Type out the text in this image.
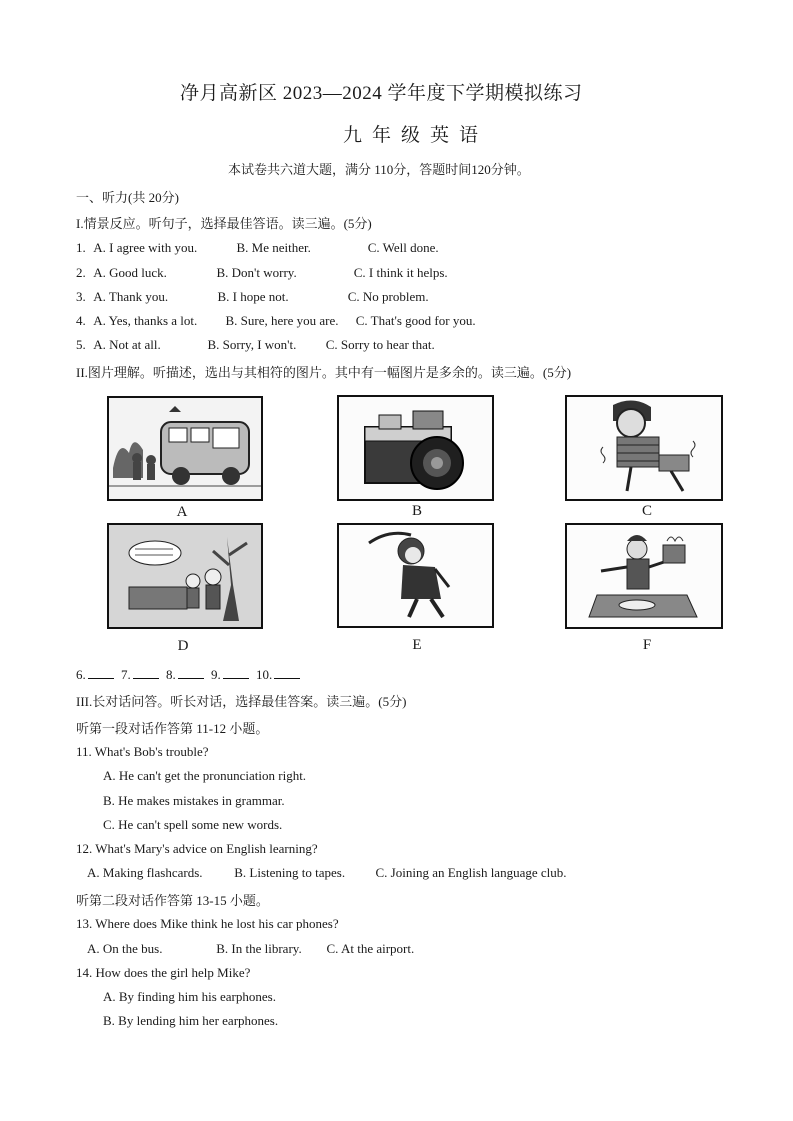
净月高新区 2023—2024 学年度下学期模拟练习
九年级英语
本试卷共六道大题，满分 110分，答题时间120分钟。
一、听力(共 20分)
I.情景反应。听句子，选择最佳答语。读三遍。(5分)
1. A. I agree with you.	B. Me neither.	C. Well done.
2. A. Good luck.	B. Don't worry.	C. I think it helps.
3. A. Thank you.	B. I hope not.	C. No problem.
4. A. Yes, thanks a lot. B. Sure, here you are. C. That's good for you.
5. A. Not at all.	B. Sorry, I won't. C. Sorry to hear that.
II.图片理解。听描述，选出与其相符的图片。其中有一幅图片是多余的。读三遍。(5分)
A	B	C
D	E	F
6.	7.	8.	9.	10.
III.长对话问答。听长对话，选择最佳答案。读三遍。(5分)
听第一段对话作答第 11-12 小题。
11. What's Bob's trouble?
A. He can't get the pronunciation right.
B. He makes mistakes in grammar.
C. He can't spell some new words.
12. What's Mary's advice on English learning?
A. Making flashcards. B. Listening to tapes. C. Joining an English language club.
听第二段对话作答第 13-15 小题。
13. Where does Mike think he lost his car phones?
A. On the bus.	B. In the library. C. At the airport.
14. How does the girl help Mike?
A. By finding him his earphones.
B. By lending him her earphones.
